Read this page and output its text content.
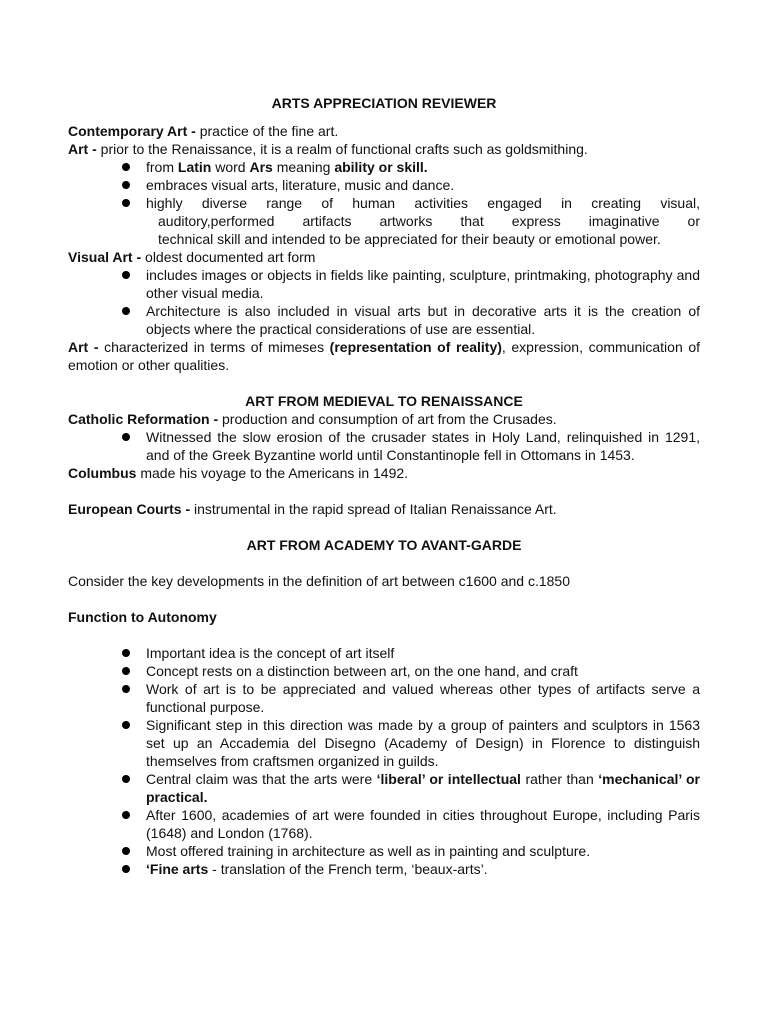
ARTS APPRECIATION REVIEWER
Contemporary Art - practice of the fine art.
Art - prior to the Renaissance, it is a realm of functional crafts such as goldsmithing.
from Latin word Ars meaning ability or skill.
embraces visual arts, literature, music and dance.
highly diverse range of human activities engaged in creating visual,
auditory,performed artifacts artworks that express imaginative or
technical skill and intended to be appreciated for their beauty or emotional power.
Visual Art - oldest documented art form
includes images or objects in fields like painting, sculpture, printmaking, photography and other visual media.
Architecture is also included in visual arts but in decorative arts it is the creation of objects where the practical considerations of use are essential.
Art - characterized in terms of mimeses (representation of reality), expression, communication of emotion or other qualities.
ART FROM MEDIEVAL TO RENAISSANCE
Catholic Reformation - production and consumption of art from the Crusades.
Witnessed the slow erosion of the crusader states in Holy Land, relinquished in 1291, and of the Greek Byzantine world until Constantinople fell in Ottomans in 1453.
Columbus made his voyage to the Americans in 1492.
European Courts - instrumental in the rapid spread of Italian Renaissance Art.
ART FROM ACADEMY TO AVANT-GARDE
Consider the key developments in the definition of art between c1600 and c.1850
Function to Autonomy
Important idea is the concept of art itself
Concept rests on a distinction between art, on the one hand, and craft
Work of art is to be appreciated and valued whereas other types of artifacts serve a functional purpose.
Significant step in this direction was made by a group of painters and sculptors in 1563 set up an Accademia del Disegno (Academy of Design) in Florence to distinguish themselves from craftsmen organized in guilds.
Central claim was that the arts were ‘liberal’ or intellectual rather than ‘mechanical’ or practical.
After 1600, academies of art were founded in cities throughout Europe, including Paris (1648) and London (1768).
Most offered training in architecture as well as in painting and sculpture.
‘Fine arts - translation of the French term, ‘beaux-arts’.
